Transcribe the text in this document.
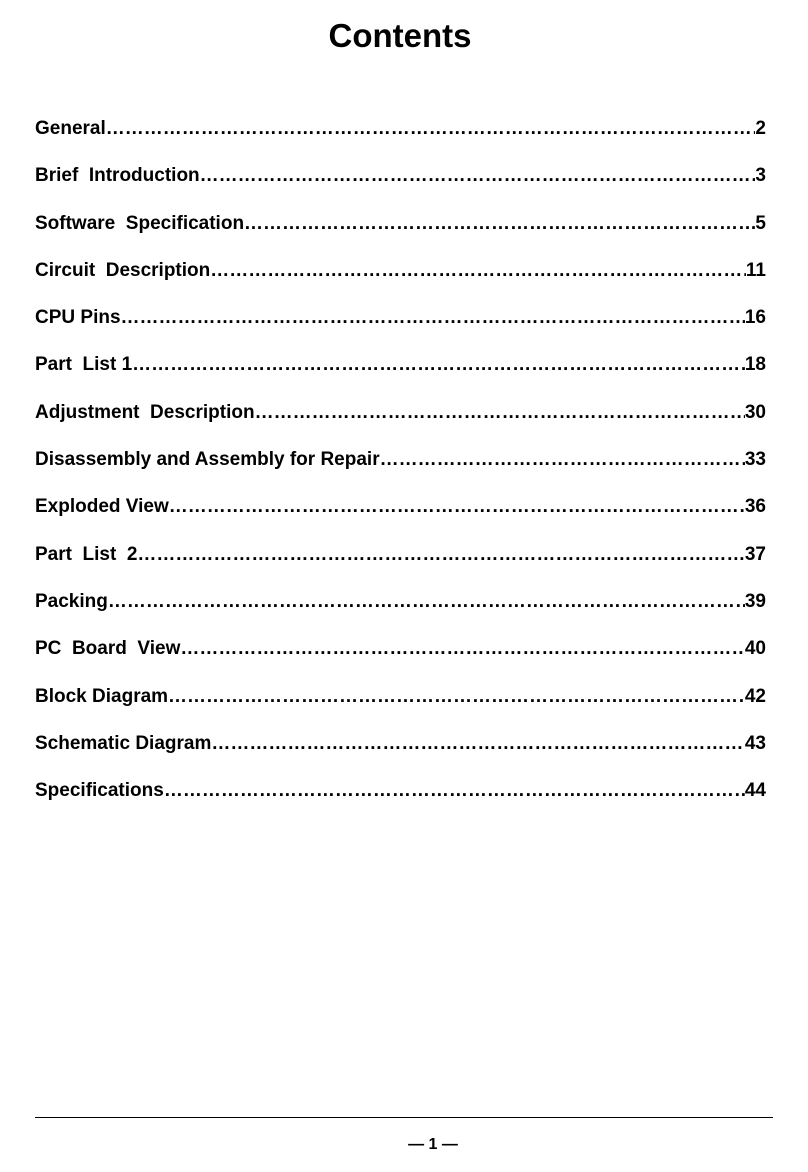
Contents
General …………………………………………………………………………………………………………………………………………………………………………………………………………	2
Brief  Introduction …………………………………………………………………………………………………………………………………………………………………………………………………………	3
Software  Specification …………………………………………………………………………………………………………………………………………………………………………………………………………	5
Circuit  Description …………………………………………………………………………………………………………………………………………………………………………………………………………	11
CPU Pins …………………………………………………………………………………………………………………………………………………………………………………………………………	16
Part  List 1 …………………………………………………………………………………………………………………………………………………………………………………………………………	18
Adjustment  Description …………………………………………………………………………………………………………………………………………………………………………………………………………	30
Disassembly and Assembly for Repair …………………………………………………………………………………………………………………………………………………………………………………………………………	33
Exploded View …………………………………………………………………………………………………………………………………………………………………………………………………………	36
Part  List  2 …………………………………………………………………………………………………………………………………………………………………………………………………………	37
Packing …………………………………………………………………………………………………………………………………………………………………………………………………………	39
PC  Board  View …………………………………………………………………………………………………………………………………………………………………………………………………………	40
Block Diagram …………………………………………………………………………………………………………………………………………………………………………………………………………	42
Schematic Diagram …………………………………………………………………………………………………………………………………………………………………………………………………………	43
Specifications …………………………………………………………………………………………………………………………………………………………………………………………………………	44
― 1 ―
